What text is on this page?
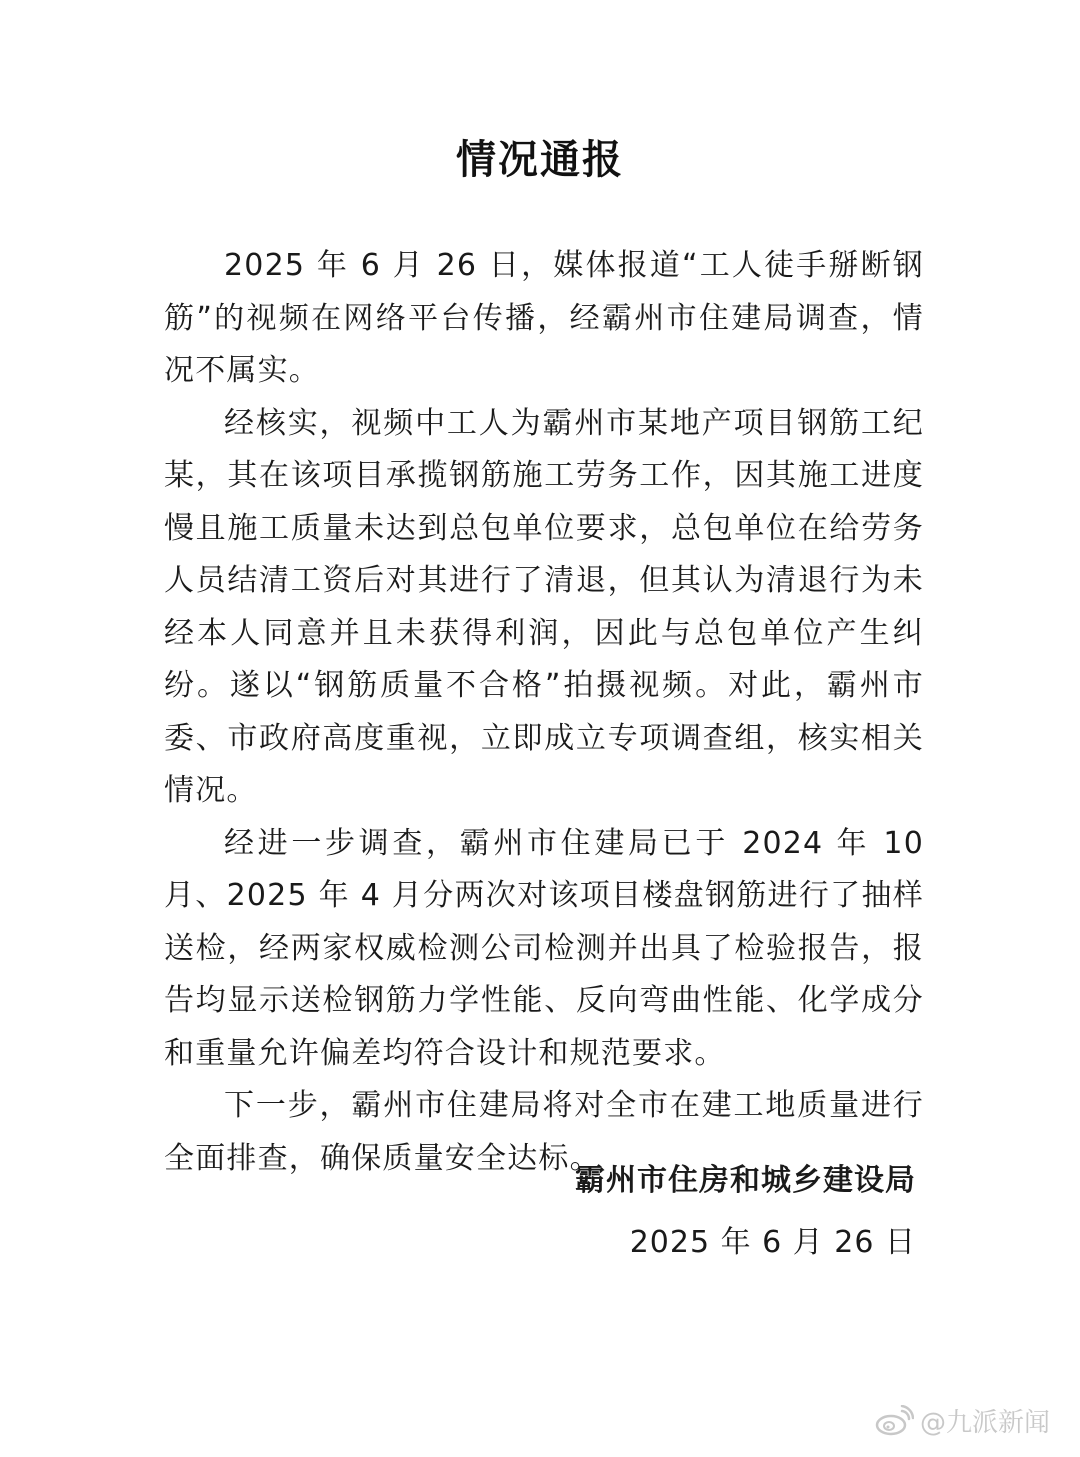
情况通报

2025 年 6 月 26 日，媒体报道“工人徒手掰断钢筋”的视频在网络平台传播，经霸州市住建局调查，情况不属实。

经核实，视频中工人为霸州市某地产项目钢筋工纪某，其在该项目承揽钢筋施工劳务工作，因其施工进度慢且施工质量未达到总包单位要求，总包单位在给劳务人员结清工资后对其进行了清退，但其认为清退行为未经本人同意并且未获得利润，因此与总包单位产生纠纷。遂以“钢筋质量不合格”拍摄视频。对此，霸州市委、市政府高度重视，立即成立专项调查组，核实相关情况。

经进一步调查，霸州市住建局已于 2024 年 10 月、2025 年 4 月分两次对该项目楼盘钢筋进行了抽样送检，经两家权威检测公司检测并出具了检验报告，报告均显示送检钢筋力学性能、反向弯曲性能、化学成分和重量允许偏差均符合设计和规范要求。

下一步，霸州市住建局将对全市在建工地质量进行全面排查，确保质量安全达标。

霸州市住房和城乡建设局
2025 年 6 月 26 日
@九派新闻
